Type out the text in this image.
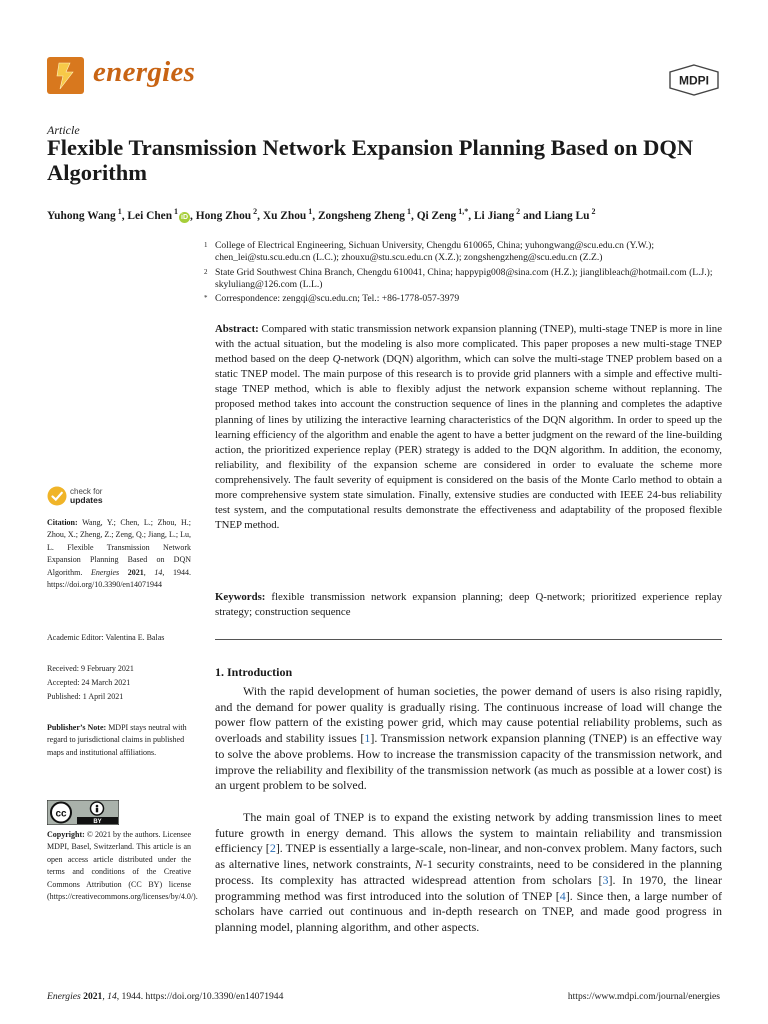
energies	MDPI
Article
Flexible Transmission Network Expansion Planning Based on DQN Algorithm
Yuhong Wang $^1$, Lei Chen $^1$iD , Hong Zhou $^2$, Xu Zhou $^1$, Zongsheng Zheng $^1$, Qi Zeng $^{1,*}$, Li Jiang $^2$ and Liang Lu $^2$

1 College of Electrical Engineering, Sichuan University, Chengdu 610065, China; yuhongwang@scu.edu.cn (Y.W.); chen_lei@stu.scu.edu.cn (L.C.); zhouxu@stu.scu.edu.cn (X.Z.); zongshengzheng@scu.edu.cn (Z.Z.)

2 State Grid Southwest China Branch, Chengdu 610041, China; happypig008@sina.com (H.Z.); jianglibleach@hotmail.com (L.J.); skyluliang@126.com (L.L.)

* Correspondence: zengqi@scu.edu.cn; Tel.: +86-1778-057-3979

Abstract: Compared with static transmission network expansion planning (TNEP), multi-stage TNEP is more in line with the actual situation, but the modeling is also more complicated. This paper proposes a new multi-stage TNEP method based on the deep Q-network (DQN) algorithm, which can solve the multi-stage TNEP problem based on a static TNEP model. The main purpose of this research is to provide grid planners with a simple and effective multi-stage TNEP method, which is able to flexibly adjust the network expansion scheme without replanning. The proposed method takes into account the construction sequence of lines in the planning and completes the adaptive planning of lines by utilizing the interactive learning characteristics of the DQN algorithm. In order to speed up the learning efficiency of the algorithm and enable the agent to have a better judgment on the reward of the line-building action, the prioritized experience replay (PER) strategy is added to the DQN algorithm. In addition, the economy, reliability, and flexibility of the expansion scheme are considered in order to evaluate the scheme more comprehensively. The fault severity of equipment is considered on the basis of the Monte Carlo method to obtain a more comprehensive system state simulation. Finally, extensive studies are conducted with IEEE 24-bus reliability test system, and the computational results demonstrate the effectiveness and adaptability of the proposed flexible TNEP method.

Keywords: flexible transmission network expansion planning; deep Q-network; prioritized experience replay strategy; construction sequence

1. Introduction

With the rapid development of human societies, the power demand of users is also rising rapidly, and the demand for power quality is gradually rising. The continuous increase of load will change the power flow pattern of the existing power grid, which may cause potential reliability problems, such as overloads and stability issues [1]. Transmission network expansion planning (TNEP) is an effective way to solve the above problems. How to increase the transmission capacity of the transmission network, and improve the reliability and flexibility of the transmission network (as much as possible at a lower cost) is an urgent problem to be solved.

The main goal of TNEP is to expand the existing network by adding transmission lines to meet future growth in energy demand. This allows the system to maintain reliability and transmission efficiency [2]. TNEP is essentially a large-scale, non-linear, and non-convex problem. Many factors, such as alternative lines, network constraints, N-1 security constraints, need to be considered in the planning process. Its complexity has attracted widespread attention from scholars [3]. In 1970, the linear programming method was first introduced into the solution of TNEP [4]. Since then, a large number of scholars have carried out continuous and in-depth research on TNEP, and made good progress in planning model, planning algorithm, and other aspects.

check for
updates

Citation: Wang, Y.; Chen, L.; Zhou, H.; Zhou, X.; Zheng, Z.; Zeng, Q.; Jiang, L.; Lu, L. Flexible Transmission Network Expansion Planning Based on DQN Algorithm. Energies 2021, 14, 1944. https://doi.org/10.3390/en14071944

Academic Editor: Valentina E. Balas

Received: 9 February 2021

Accepted: 24 March 2021

Published: 1 April 2021

Publisher’s Note: MDPI stays neutral with regard to jurisdictional claims in published maps and institutional affiliations.

cc
BY

Copyright: © 2021 by the authors. Licensee MDPI, Basel, Switzerland. This article is an open access article distributed under the terms and conditions of the Creative Commons Attribution (CC BY) license (https://creativecommons.org/licenses/by/4.0/).

Energies 2021, 14, 1944. https://doi.org/10.3390/en14071944	https://www.mdpi.com/journal/energies
